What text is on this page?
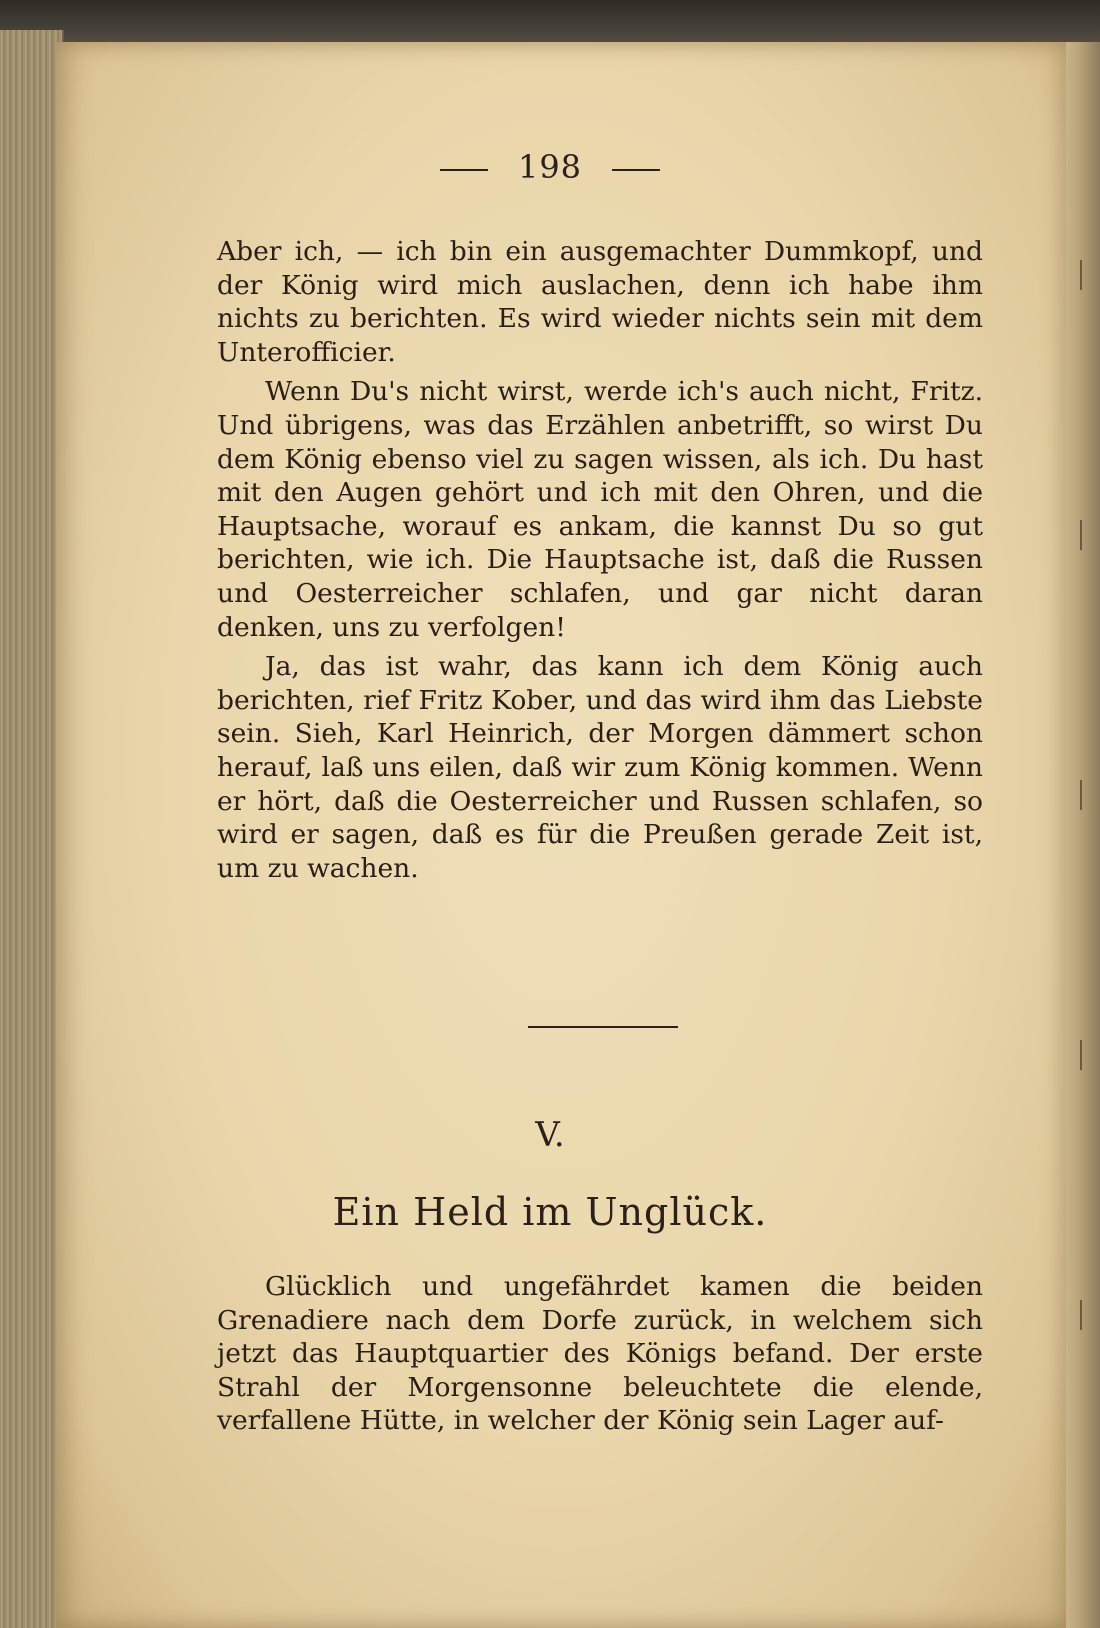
198

Aber ich, — ich bin ein ausgemachter Dummkopf, und der König wird mich auslachen, denn ich habe ihm nichts zu berichten. Es wird wieder nichts sein mit dem Unterofficier.

Wenn Du's nicht wirst, werde ich's auch nicht, Fritz. Und übrigens, was das Erzählen anbetrifft, so wirst Du dem König ebenso viel zu sagen wissen, als ich. Du hast mit den Augen gehört und ich mit den Ohren, und die Hauptsache, worauf es ankam, die kannst Du so gut berichten, wie ich. Die Hauptsache ist, daß die Russen und Oesterreicher schlafen, und gar nicht daran denken, uns zu verfolgen!

Ja, das ist wahr, das kann ich dem König auch berichten, rief Fritz Kober, und das wird ihm das Liebste sein. Sieh, Karl Heinrich, der Morgen dämmert schon herauf, laß uns eilen, daß wir zum König kommen. Wenn er hört, daß die Oesterreicher und Russen schlafen, so wird er sagen, daß es für die Preußen gerade Zeit ist, um zu wachen.

V.
Ein Held im Unglück.

Glücklich und ungefährdet kamen die beiden Grenadiere nach dem Dorfe zurück, in welchem sich jetzt das Hauptquartier des Königs befand. Der erste Strahl der Morgensonne beleuchtete die elende, verfallene Hütte, in welcher der König sein Lager auf-
